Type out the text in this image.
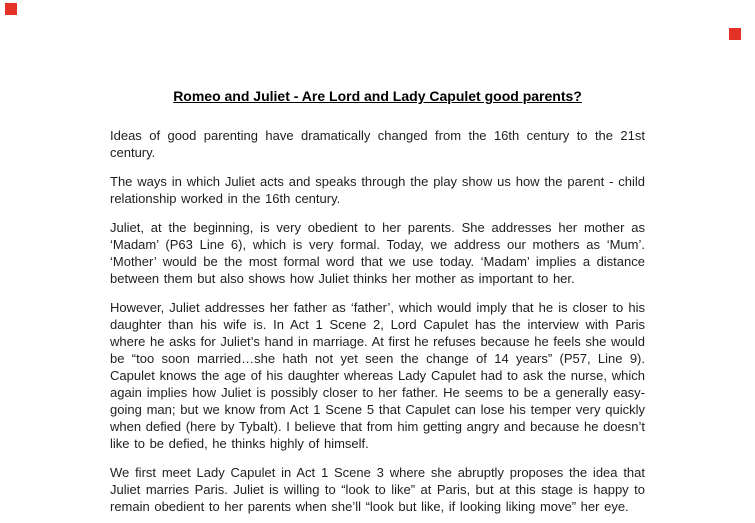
Romeo and Juliet - Are Lord and Lady Capulet good parents?

Ideas of good parenting have dramatically changed from the 16th century to the 21st century.

The ways in which Juliet acts and speaks through the play show us how the parent - child relationship worked in the 16th century.

Juliet, at the beginning, is very obedient to her parents. She addresses her mother as ‘Madam’ (P63 Line 6), which is very formal. Today, we address our mothers as ‘Mum’. ‘Mother’ would be the most formal word that we use today. ‘Madam’ implies a distance between them but also shows how Juliet thinks her mother as important to her.

However, Juliet addresses her father as ‘father’, which would imply that he is closer to his daughter than his wife is. In Act 1 Scene 2, Lord Capulet has the interview with Paris where he asks for Juliet’s hand in marriage. At first he refuses because he feels she would be “too soon married…she hath not yet seen the change of 14 years” (P57, Line 9). Capulet knows the age of his daughter whereas Lady Capulet had to ask the nurse, which again implies how Juliet is possibly closer to her father. He seems to be a generally easy-going man; but we know from Act 1 Scene 5 that Capulet can lose his temper very quickly when defied (here by Tybalt). I believe that from him getting angry and because he doesn’t like to be defied, he thinks highly of himself.

We first meet Lady Capulet in Act 1 Scene 3 where she abruptly proposes the idea that Juliet marries Paris. Juliet is willing to “look to like” at Paris, but at this stage is happy to remain obedient to her parents when she’ll “look but like, if looking liking move” her eye.
